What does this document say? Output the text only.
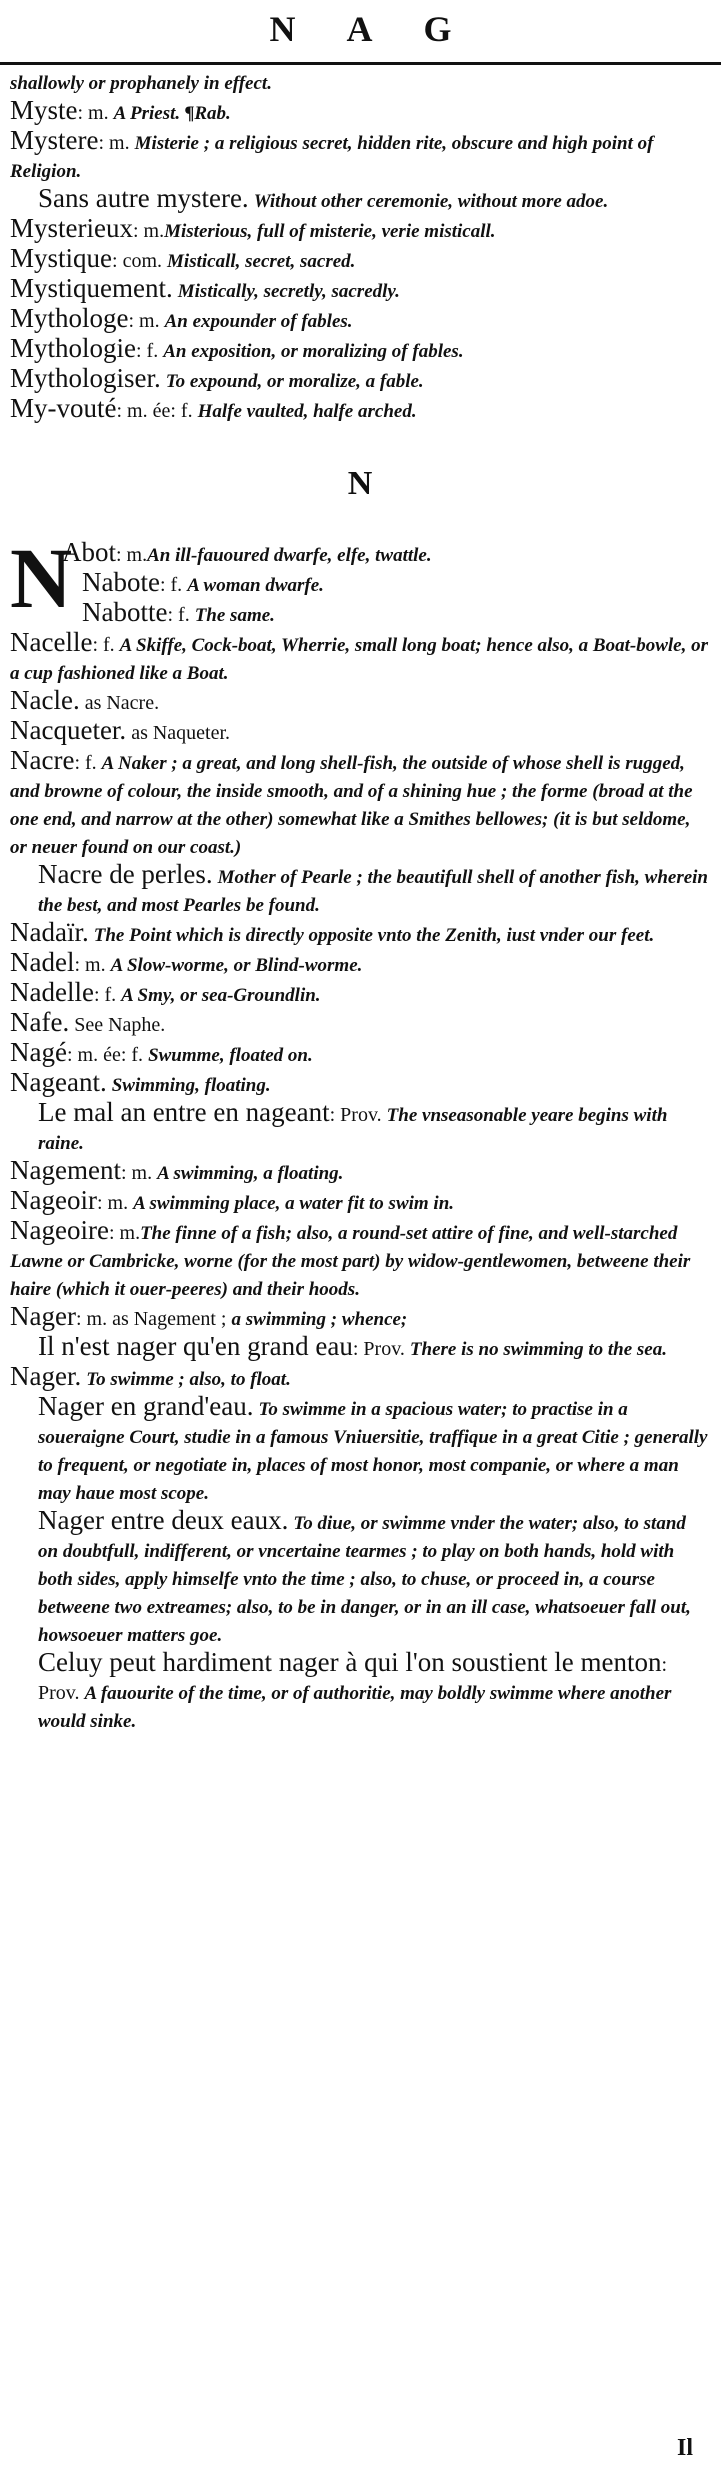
N A G

shallowly or prophanely in effect.

Myste: m. A Priest. ¶Rab.

Mystere: m. Misterie ; a religious secret, hidden rite, obscure and high point of Religion.

Sans autre mystere. Without other ceremonie, without more adoe.

Mysterieux: m.Misterious, full of misterie, verie misticall.

Mystique: com. Misticall, secret, sacred.

Mystiquement. Mistically, secretly, sacredly.

Mythologe: m. An expounder of fables.

Mythologie: f. An exposition, or moralizing of fables.

Mythologiser. To expound, or moralize, a fable.

My-vouté: m. ée: f. Halfe vaulted, halfe arched.

N
N

Abot: m.An ill-fauoured dwarfe, elfe, twattle.

Nabote: f. A woman dwarfe.

Nabotte: f. The same.

Nacelle: f. A Skiffe, Cock-boat, Wherrie, small long boat; hence also, a Boat-bowle, or a cup fashioned like a Boat.

Nacle. as Nacre.

Nacqueter. as Naqueter.

Nacre: f. A Naker ; a great, and long shell-fish, the outside of whose shell is rugged, and browne of colour, the inside smooth, and of a shining hue ; the forme (broad at the one end, and narrow at the other) somewhat like a Smithes bellowes; (it is but seldome, or neuer found on our coast.)

Nacre de perles. Mother of Pearle ; the beautifull shell of another fish, wherein the best, and most Pearles be found.

Nadaïr. The Point which is directly opposite vnto the Zenith, iust vnder our feet.

Nadel: m. A Slow-worme, or Blind-worme.

Nadelle: f. A Smy, or sea-Groundlin.

Nafe. See Naphe.

Nagé: m. ée: f. Swumme, floated on.

Nageant. Swimming, floating.

Le mal an entre en nageant: Prov. The vnseasonable yeare begins with raine.

Nagement: m. A swimming, a floating.

Nageoir: m. A swimming place, a water fit to swim in.

Nageoire: m.The finne of a fish; also, a round-set attire of fine, and well-starched Lawne or Cambricke, worne (for the most part) by widow-gentlewomen, betweene their haire (which it ouer-peeres) and their hoods.

Nager: m. as Nagement ; a swimming ; whence;

Il n'est nager qu'en grand eau: Prov. There is no swimming to the sea.

Nager. To swimme ; also, to float.

Nager en grand'eau. To swimme in a spacious water; to practise in a soueraigne Court, studie in a famous Vniuersitie, traffique in a great Citie ; generally to frequent, or negotiate in, places of most honor, most companie, or where a man may haue most scope.

Nager entre deux eaux. To diue, or swimme vnder the water; also, to stand on doubtfull, indifferent, or vncertaine tearmes ; to play on both hands, hold with both sides, apply himselfe vnto the time ; also, to chuse, or proceed in, a course betweene two extreames; also, to be in danger, or in an ill case, whatsoeuer fall out, howsoeuer matters goe.

Celuy peut hardiment nager à qui l'on soustient le menton: Prov. A fauourite of the time, or of authoritie, may boldly swimme where another would sinke.

Il
